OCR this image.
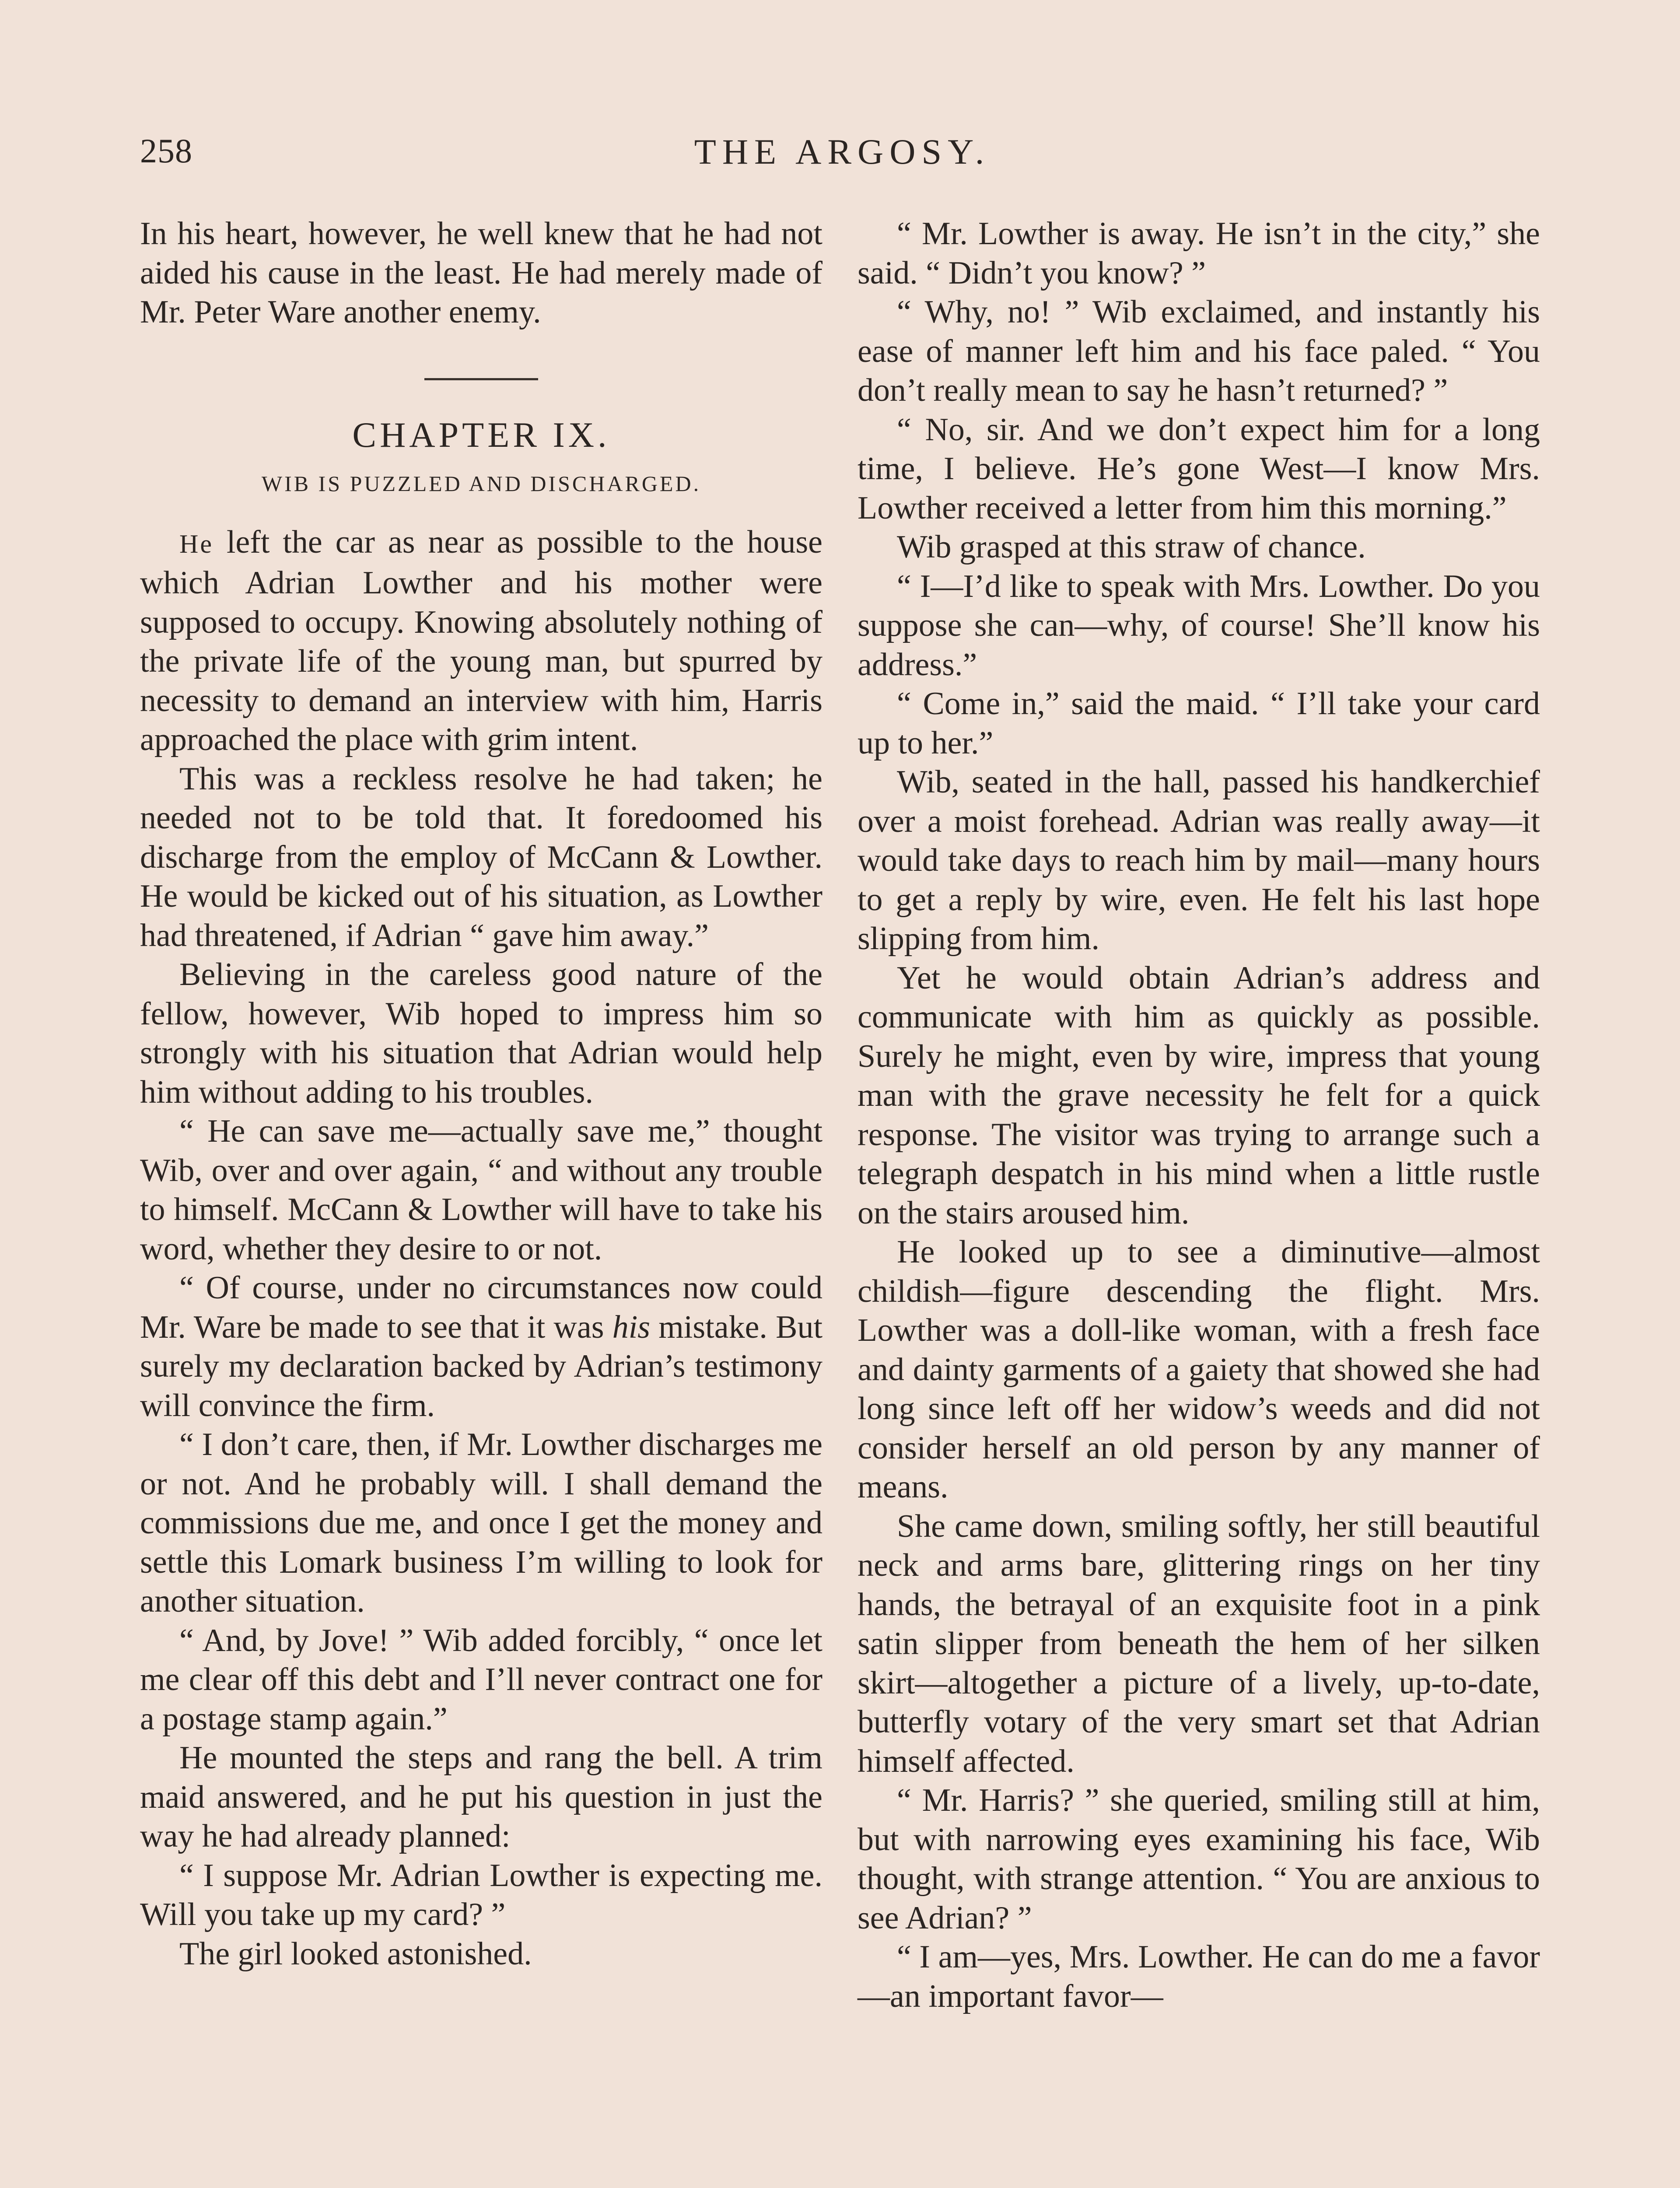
258	THE ARGOSY.

In his heart, however, he well knew that he had not aided his cause in the least. He had merely made of Mr. Peter Ware another enemy.

CHAPTER IX.
WIB IS PUZZLED AND DISCHARGED.

He left the car as near as possible to the house which Adrian Lowther and his mother were supposed to occupy. Knowing absolutely nothing of the private life of the young man, but spurred by necessity to demand an interview with him, Harris approached the place with grim intent.

This was a reckless resolve he had taken; he needed not to be told that. It foredoomed his discharge from the employ of McCann & Lowther. He would be kicked out of his situation, as Lowther had threatened, if Adrian “ gave him away.”

Believing in the careless good nature of the fellow, however, Wib hoped to impress him so strongly with his situation that Adrian would help him without adding to his troubles.

“ He can save me—actually save me,” thought Wib, over and over again, “ and without any trouble to himself. McCann & Lowther will have to take his word, whether they desire to or not.

“ Of course, under no circumstances now could Mr. Ware be made to see that it was his mistake. But surely my declaration backed by Adrian’s testimony will convince the firm.

“ I don’t care, then, if Mr. Lowther discharges me or not. And he probably will. I shall demand the commissions due me, and once I get the money and settle this Lomark business I’m willing to look for another situation.

“ And, by Jove! ” Wib added forcibly, “ once let me clear off this debt and I’ll never contract one for a postage stamp again.”

He mounted the steps and rang the bell. A trim maid answered, and he put his question in just the way he had already planned:

“ I suppose Mr. Adrian Lowther is expecting me. Will you take up my card? ”

The girl looked astonished.

“ Mr. Lowther is away. He isn’t in the city,” she said. “ Didn’t you know? ”

“ Why, no! ” Wib exclaimed, and instantly his ease of manner left him and his face paled. “ You don’t really mean to say he hasn’t returned? ”

“ No, sir. And we don’t expect him for a long time, I believe. He’s gone West—I know Mrs. Lowther received a letter from him this morning.”

Wib grasped at this straw of chance.

“ I—I’d like to speak with Mrs. Lowther. Do you suppose she can—why, of course! She’ll know his address.”

“ Come in,” said the maid. “ I’ll take your card up to her.”

Wib, seated in the hall, passed his handkerchief over a moist forehead. Adrian was really away—it would take days to reach him by mail—many hours to get a reply by wire, even. He felt his last hope slipping from him.

Yet he would obtain Adrian’s address and communicate with him as quickly as possible. Surely he might, even by wire, impress that young man with the grave necessity he felt for a quick response. The visitor was trying to arrange such a telegraph despatch in his mind when a little rustle on the stairs aroused him.

He looked up to see a diminutive—almost childish—figure descending the flight. Mrs. Lowther was a doll-like woman, with a fresh face and dainty garments of a gaiety that showed she had long since left off her widow’s weeds and did not consider herself an old person by any manner of means.

She came down, smiling softly, her still beautiful neck and arms bare, glittering rings on her tiny hands, the betrayal of an exquisite foot in a pink satin slipper from beneath the hem of her silken skirt—altogether a picture of a lively, up-to-date, butterfly votary of the very smart set that Adrian himself affected.

“ Mr. Harris? ” she queried, smiling still at him, but with narrowing eyes examining his face, Wib thought, with strange attention. “ You are anxious to see Adrian? ”

“ I am—yes, Mrs. Lowther. He can do me a favor—an important favor—
